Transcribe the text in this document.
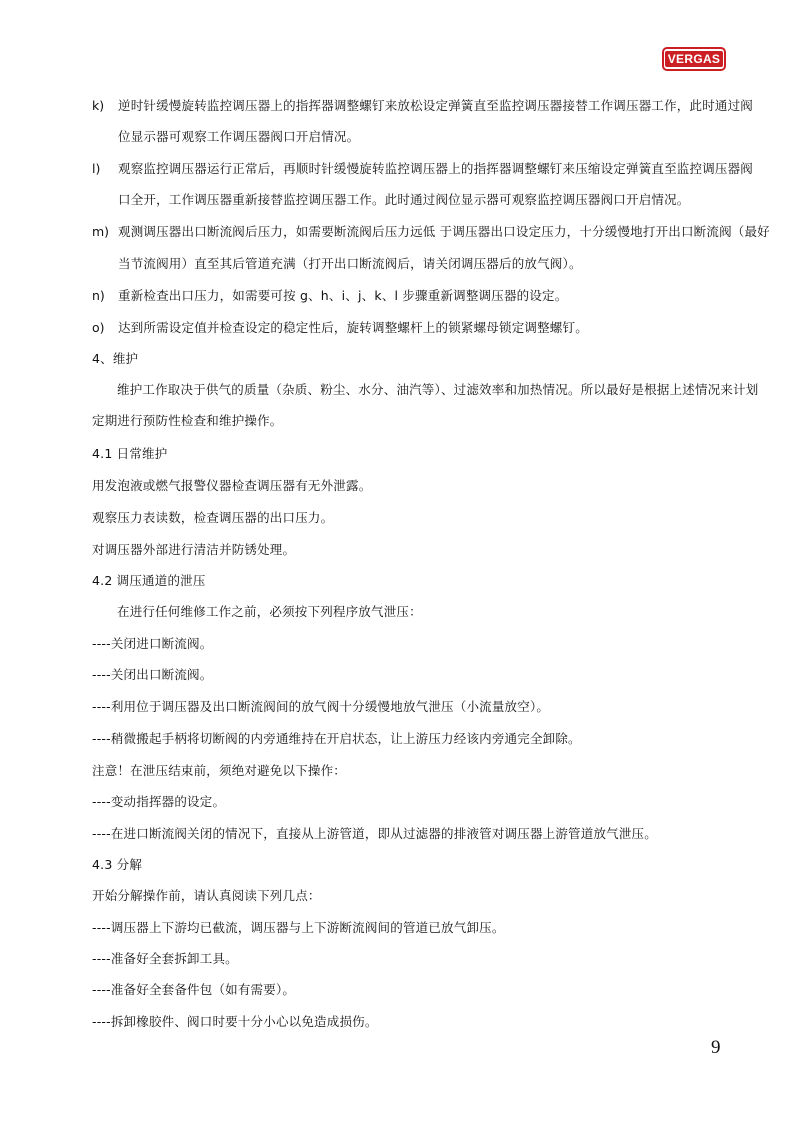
VERGAS
k) 逆时针缓慢旋转监控调压器上的指挥器调整螺钉来放松设定弹簧直至监控调压器接替工作调压器工作，此时通过阀
位显示器可观察工作调压器阀口开启情况。
l) 观察监控调压器运行正常后，再顺时针缓慢旋转监控调压器上的指挥器调整螺钉来压缩设定弹簧直至监控调压器阀
口全开，工作调压器重新接替监控调压器工作。此时通过阀位显示器可观察监控调压器阀口开启情况。
m) 观测调压器出口断流阀后压力，如需要断流阀后压力远低 于调压器出口设定压力，十分缓慢地打开出口断流阀（最好
当节流阀用）直至其后管道充满（打开出口断流阀后，请关闭调压器后的放气阀）。
n) 重新检查出口压力，如需要可按 g、h、i、j、k、l 步骤重新调整调压器的设定。
o) 达到所需设定值并检查设定的稳定性后，旋转调整螺杆上的锁紧螺母锁定调整螺钉。
4、维护
维护工作取决于供气的质量（杂质、粉尘、水分、油汽等）、过滤效率和加热情况。所以最好是根据上述情况来计划
定期进行预防性检查和维护操作。
4.1 日常维护
用发泡液或燃气报警仪器检查调压器有无外泄露。
观察压力表读数，检查调压器的出口压力。
对调压器外部进行清洁并防锈处理。
4.2 调压通道的泄压
在进行任何维修工作之前，必须按下列程序放气泄压：
----关闭进口断流阀。
----关闭出口断流阀。
----利用位于调压器及出口断流阀间的放气阀十分缓慢地放气泄压（小流量放空）。
----稍微搬起手柄将切断阀的内旁通维持在开启状态，让上游压力经该内旁通完全卸除。
注意！在泄压结束前，须绝对避免以下操作：
----变动指挥器的设定。
----在进口断流阀关闭的情况下，直接从上游管道，即从过滤器的排液管对调压器上游管道放气泄压。
4.3 分解
开始分解操作前，请认真阅读下列几点：
----调压器上下游均已截流，调压器与上下游断流阀间的管道已放气卸压。
----准备好全套拆卸工具。
----准备好全套备件包（如有需要）。
----拆卸橡胶件、阀口时要十分小心以免造成损伤。
9
